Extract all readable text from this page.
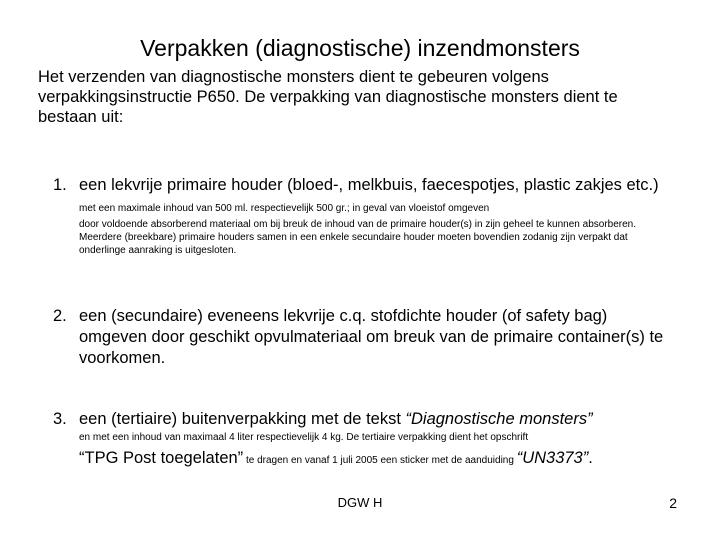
Verpakken (diagnostische) inzendmonsters
Het verzenden van diagnostische monsters dient te gebeuren volgens verpakkingsinstructie P650. De verpakking van diagnostische monsters dient te bestaan uit:
1. een lekvrije primaire houder (bloed-, melkbuis, faecespotjes, plastic zakjes etc.) met een maximale inhoud van 500 ml. respectievelijk 500 gr.; in geval van vloeistof omgeven
door voldoende absorberend materiaal om bij breuk de inhoud van de primaire houder(s) in zijn geheel te kunnen absorberen. Meerdere (breekbare) primaire houders samen in een enkele secundaire houder moeten bovendien zodanig zijn verpakt dat onderlinge aanraking is uitgesloten.
2. een (secundaire) eveneens lekvrije c.q. stofdichte houder (of safety bag) omgeven door geschikt opvulmateriaal om breuk van de primaire container(s) te voorkomen.
3. een (tertiaire) buitenverpakking met de tekst “Diagnostische monsters”
en met een inhoud van maximaal 4 liter respectievelijk 4 kg. De tertiaire verpakking dient het opschrift
“TPG Post toegelaten” te dragen en vanaf 1 juli 2005 een sticker met de aanduiding “UN3373”.
DGW H	2
